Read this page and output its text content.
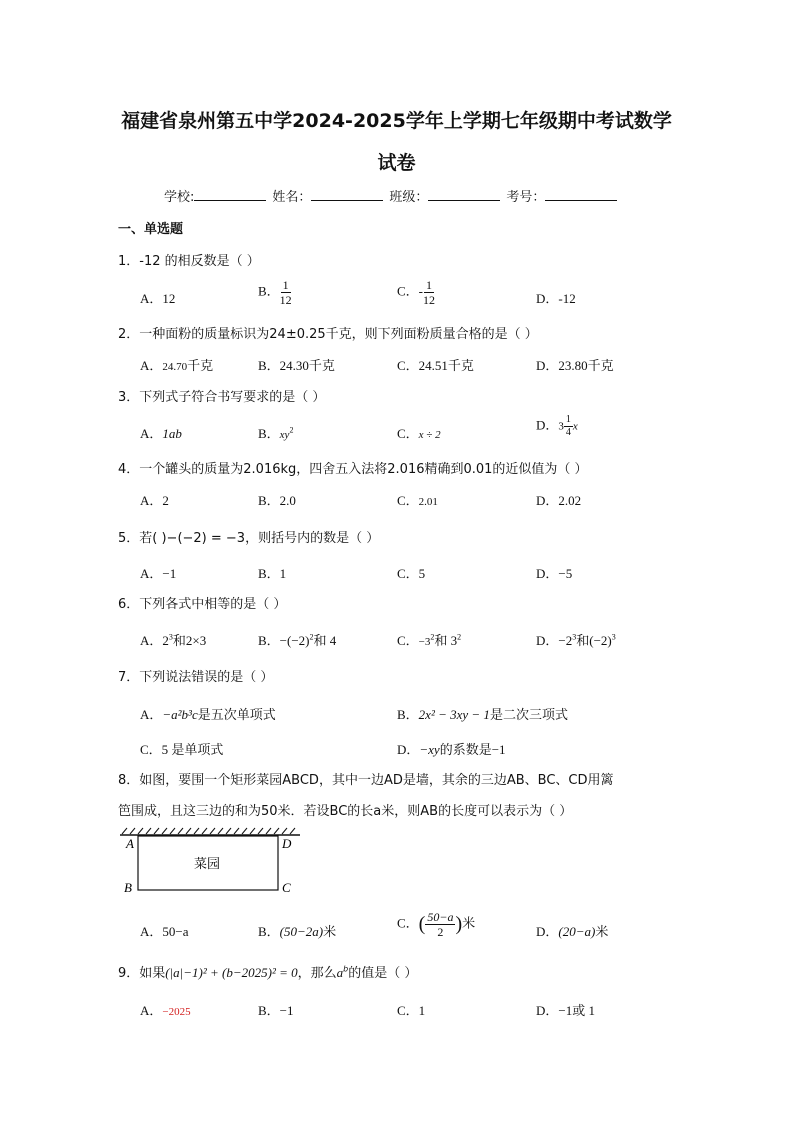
福建省泉州第五中学2024-2025学年上学期七年级期中考试数学
试卷
学校:	姓名：	班级：	考号：
一、单选题
1．-12 的相反数是（ ）
A．12
B． $\frac{1}{12}$	C．- $\frac{1}{12}$	D．-12
2．一种面粉的质量标识为24±0.25千克，则下列面粉质量合格的是（ ）
A．24.70千克	B．24.30千克	C．24.51千克	D．23.80千克
3．下列式子符合书写要求的是（ ）
A．1ab	B．$xy^2$	C．x ÷ 2
D．$3 \frac{1}{4}$ x
4．一个罐头的质量为2.016kg，四舍五入法将2.016精确到0.01的近似值为（ ）
A．2	B．2.0	C．2.01	D．2.02
5．若( )−(−2) = −3，则括号内的数是（ ）
A．−1	B．1	C．5	D．−5
6．下列各式中相等的是（ ）
A．$2^3$和2×3	B．$-(-2)^2$和 4	C．$-3^2$和 $3^2$	D．$-2^3$和$(-2)^3$
7．下列说法错误的是（ ）
A．−a²b³c是五次单项式	B．2x² − 3xy − 1是二次三项式
C．5 是单项式	D．−xy的系数是−1
8．如图，要围一个矩形菜园ABCD，其中一边AD是墙，其余的三边AB、BC、CD用篱
笆围成，且这三边的和为50米．若设BC的长a米，则AB的长度可以表示为（ ）
A
B	C
D
菜园
A．50−a	B．(50−2a)米
C．( $\frac{50-a}{2}$ )米
D．(20−a)米
9．如果(|a|−1)² + (b−2025)² = 0，那么$a^b$的值是（ ）
A．−2025	B．−1	C．1	D．−1或 1
